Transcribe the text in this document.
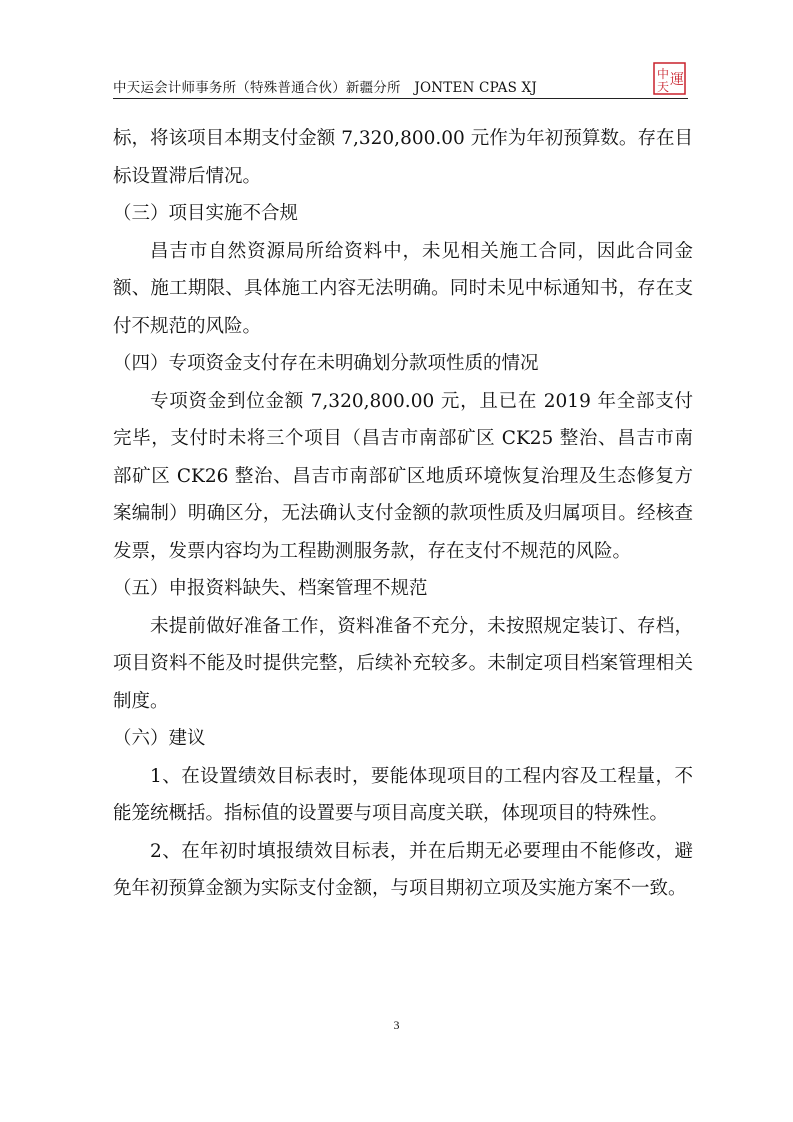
中天运会计师事务所（特殊普通合伙）新疆分所　JONTEN CPAS XJ
中
天 運

标，将该项目本期支付金额 7,320,800.00 元作为年初预算数。存在目标设置滞后情况。

（三）项目实施不合规

昌吉市自然资源局所给资料中，未见相关施工合同，因此合同金额、施工期限、具体施工内容无法明确。同时未见中标通知书，存在支付不规范的风险。

（四）专项资金支付存在未明确划分款项性质的情况

专项资金到位金额 7,320,800.00 元，且已在 2019 年全部支付完毕，支付时未将三个项目（昌吉市南部矿区 CK25 整治、昌吉市南部矿区 CK26 整治、昌吉市南部矿区地质环境恢复治理及生态修复方案编制）明确区分，无法确认支付金额的款项性质及归属项目。经核查发票，发票内容均为工程勘测服务款，存在支付不规范的风险。

（五）申报资料缺失、档案管理不规范

未提前做好准备工作，资料准备不充分，未按照规定装订、存档，项目资料不能及时提供完整，后续补充较多。未制定项目档案管理相关制度。

（六）建议

1、在设置绩效目标表时，要能体现项目的工程内容及工程量，不能笼统概括。指标值的设置要与项目高度关联，体现项目的特殊性。

2、在年初时填报绩效目标表，并在后期无必要理由不能修改，避免年初预算金额为实际支付金额，与项目期初立项及实施方案不一致。

3
